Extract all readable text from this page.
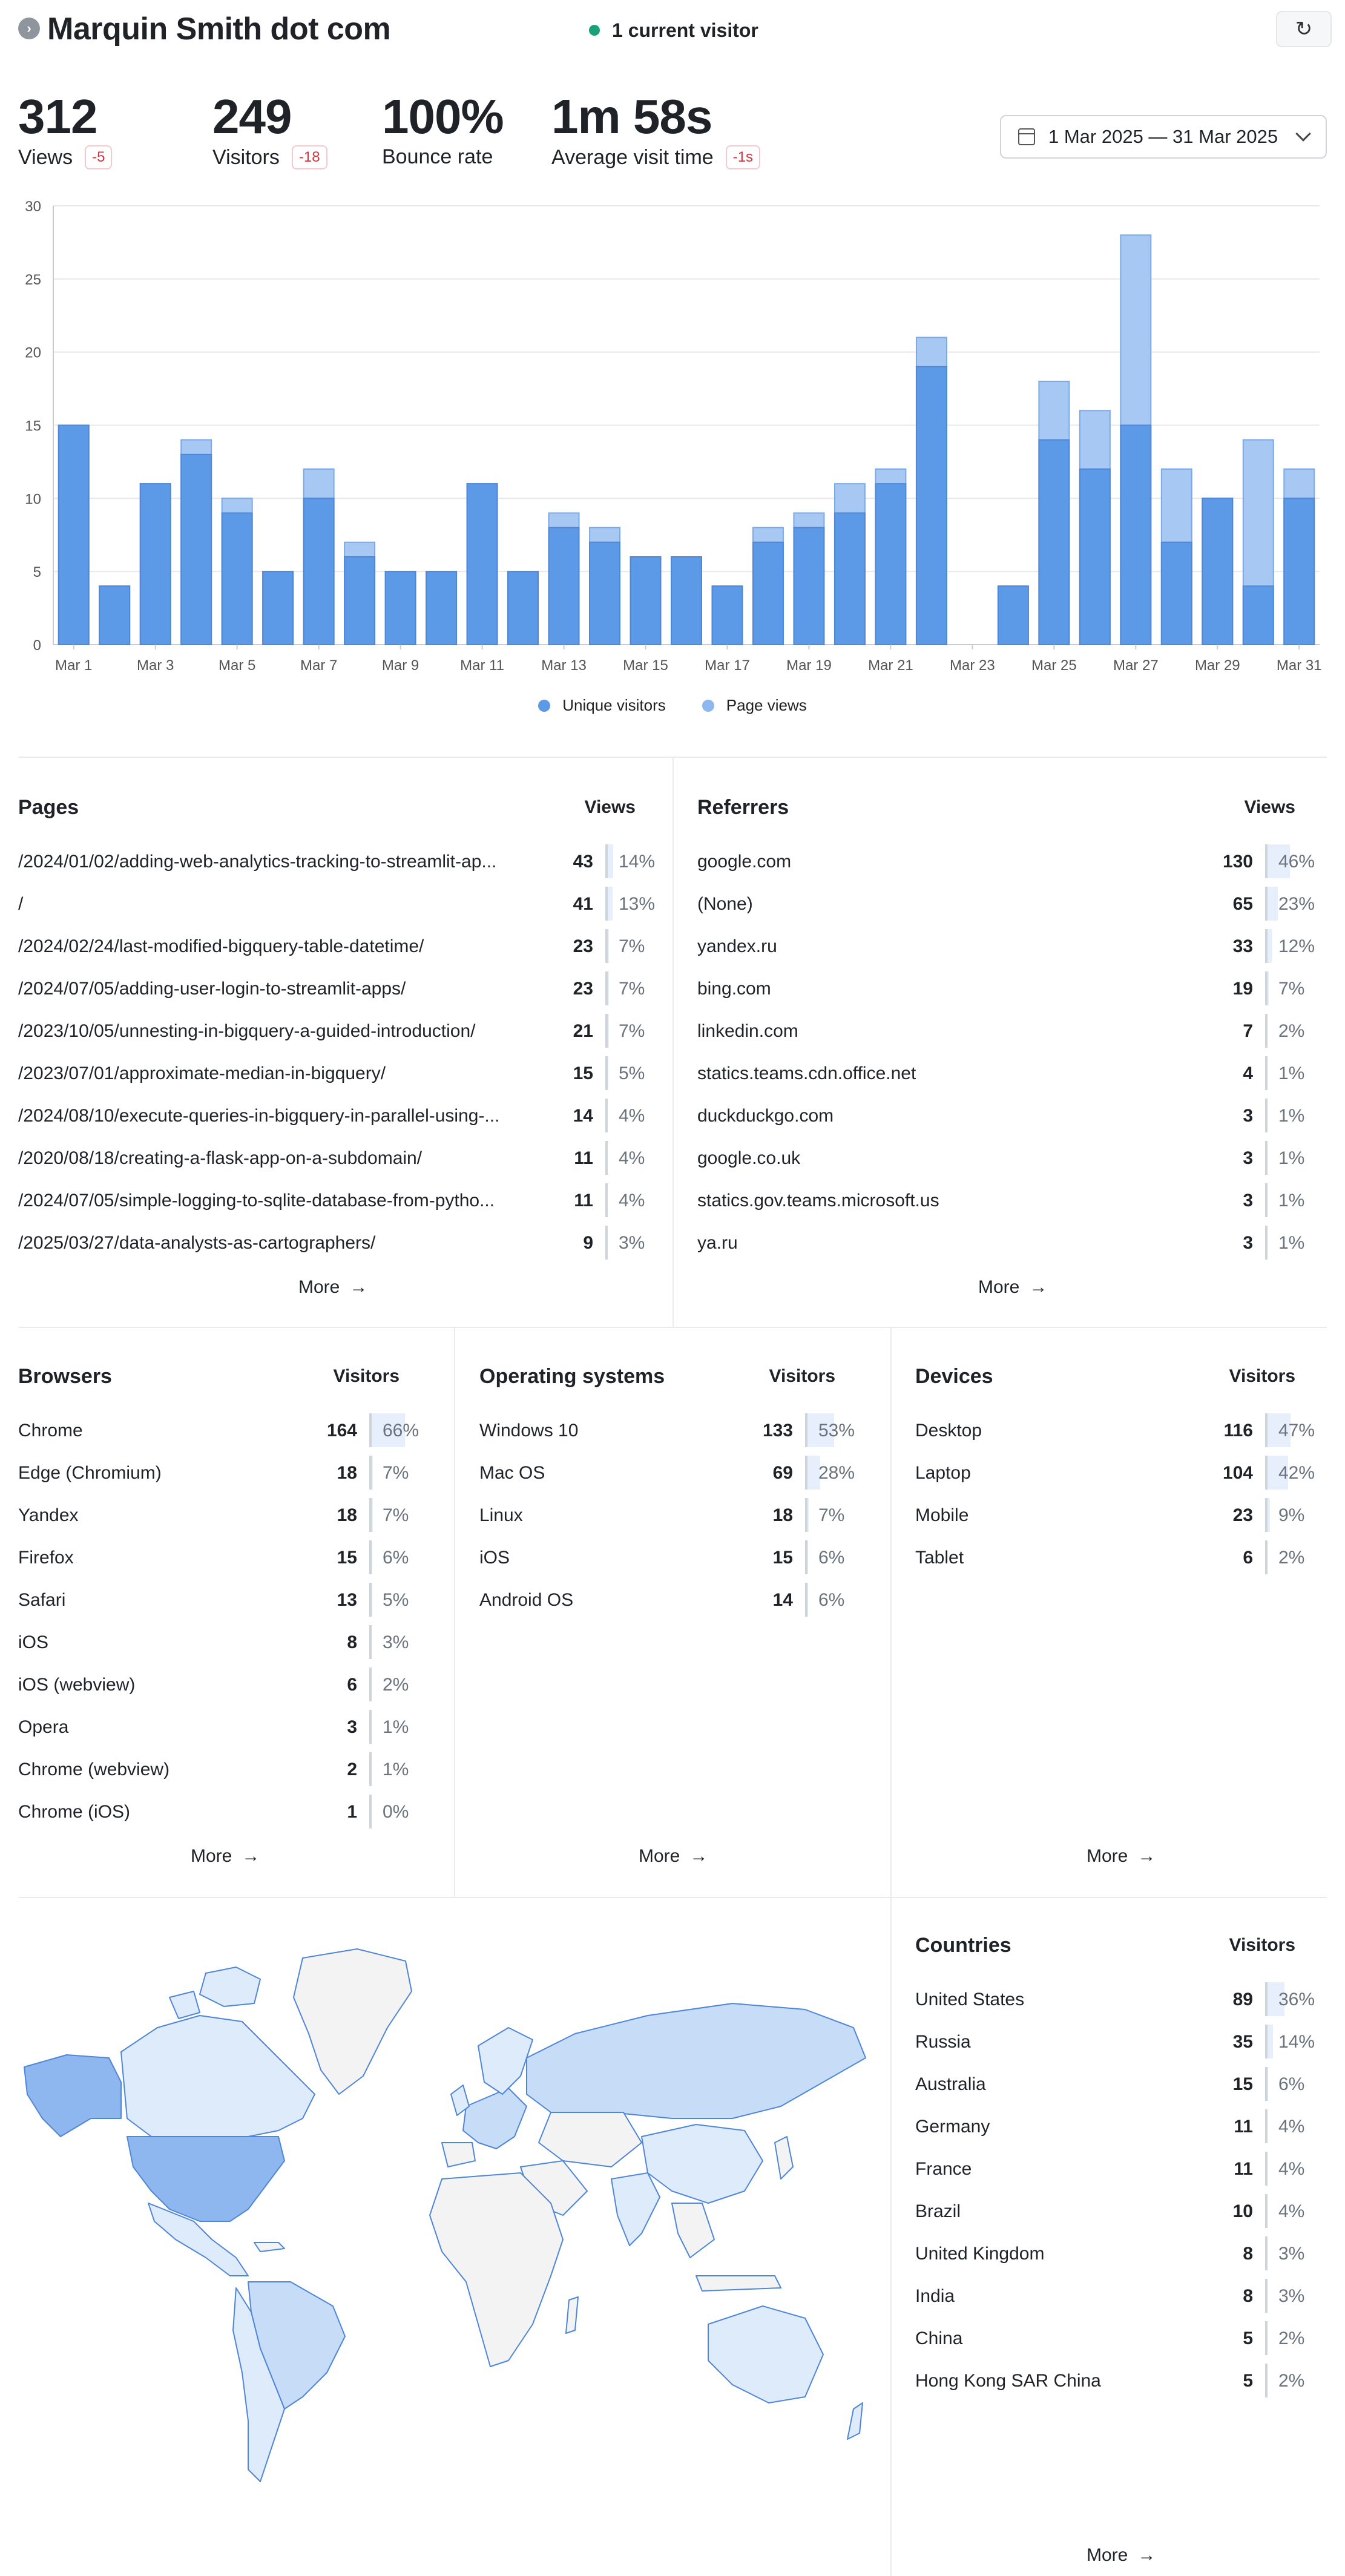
› Marquin Smith dot com	1 current visitor	↻
312
Views	-5
249
Visitors	-18
100%
Bounce rate
1m 58s
Average visit time	-1s
1 Mar 2025 — 31 Mar 2025
0
5
10
15
20
25
30
Mar 1	Mar 3	Mar 5	Mar 7	Mar 9	Mar 11	Mar 13	Mar 15	Mar 17	Mar 19	Mar 21	Mar 23	Mar 25	Mar 27	Mar 29	Mar 31
Unique visitors	Page views
Pages	Views
/2024/01/02/adding-web-analytics-tracking-to-streamlit-ap...	43 14%
/	41 13%
/2024/02/24/last-modified-bigquery-table-datetime/	23 7%
/2024/07/05/adding-user-login-to-streamlit-apps/	23 7%
/2023/10/05/unnesting-in-bigquery-a-guided-introduction/	21 7%
/2023/07/01/approximate-median-in-bigquery/	15 5%
/2024/08/10/execute-queries-in-bigquery-in-parallel-using-...	14 4%
/2020/08/18/creating-a-flask-app-on-a-subdomain/	11 4%
/2024/07/05/simple-logging-to-sqlite-database-from-pytho...	11 4%
/2025/03/27/data-analysts-as-cartographers/	9 3%
More →
Referrers	Views
google.com	130 46%
(None)	65 23%
yandex.ru	33 12%
bing.com	19 7%
linkedin.com	7 2%
statics.teams.cdn.office.net	4 1%
duckduckgo.com	3 1%
google.co.uk	3 1%
statics.gov.teams.microsoft.us	3 1%
ya.ru	3 1%
More →
Browsers	Visitors
Chrome	164 66%
Edge (Chromium)	18 7%
Yandex	18 7%
Firefox	15 6%
Safari	13 5%
iOS	8 3%
iOS (webview)	6 2%
Opera	3 1%
Chrome (webview)	2 1%
Chrome (iOS)	1 0%
More →
Operating systems	Visitors
Windows 10	133 53%
Mac OS	69 28%
Linux	18 7%
iOS	15 6%
Android OS	14 6%
More →
Devices	Visitors
Desktop	116 47%
Laptop	104 42%
Mobile	23 9%
Tablet	6 2%
More →
Countries	Visitors
United States	89 36%
Russia	35 14%
Australia	15 6%
Germany	11 4%
France	11 4%
Brazil	10 4%
United Kingdom	8 3%
India	8 3%
China	5 2%
Hong Kong SAR China	5 2%
More →
